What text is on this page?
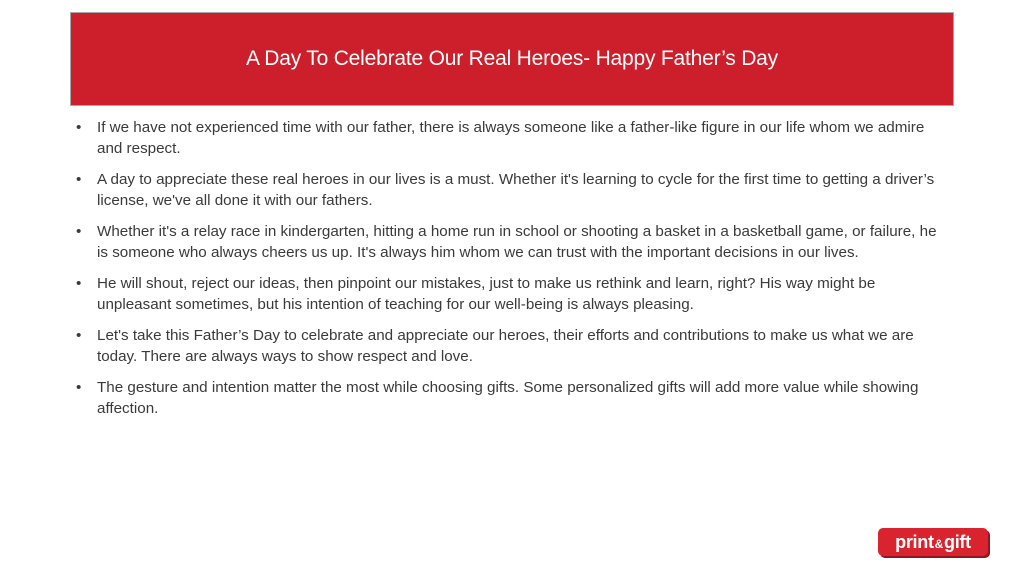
A Day To Celebrate Our Real Heroes- Happy Father’s Day
•	If we have not experienced time with our father, there is always someone like a father-like figure in our life whom we admire and respect.
•	A day to appreciate these real heroes in our lives is a must. Whether it's learning to cycle for the first time to getting a driver’s license, we've all done it with our fathers.
•	Whether it's a relay race in kindergarten, hitting a home run in school or shooting a basket in a basketball game, or failure, he is someone who always cheers us up. It's always him whom we can trust with the important decisions in our lives.
•	He will shout, reject our ideas, then pinpoint our mistakes, just to make us rethink and learn, right? His way might be unpleasant sometimes, but his intention of teaching for our well-being is always pleasing.
•	Let's take this Father’s Day to celebrate and appreciate our heroes, their efforts and contributions to make us what we are today. There are always ways to show respect and love.
•	The gesture and intention matter the most while choosing gifts. Some personalized gifts will add more value while showing affection.
print & gift
